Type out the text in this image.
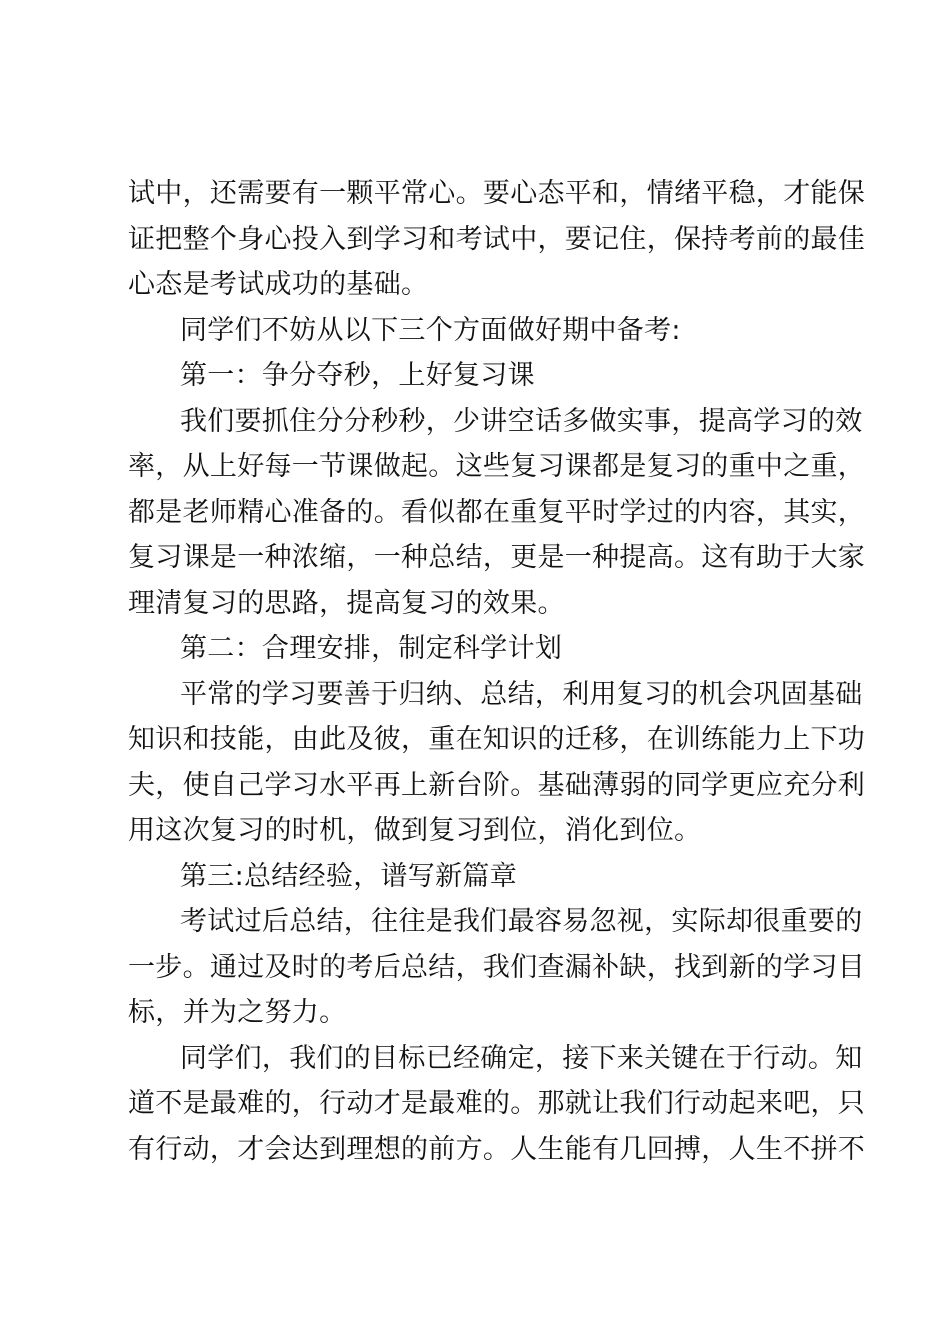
试中，还需要有一颗平常心。要心态平和，情绪平稳，才能保
证把整个身心投入到学习和考试中，要记住，保持考前的最佳
心态是考试成功的基础。
同学们不妨从以下三个方面做好期中备考:
第一：争分夺秒，上好复习课
我们要抓住分分秒秒，少讲空话多做实事，提高学习的效
率，从上好每一节课做起。这些复习课都是复习的重中之重，
都是老师精心准备的。看似都在重复平时学过的内容，其实，
复习课是一种浓缩，一种总结，更是一种提高。这有助于大家
理清复习的思路，提高复习的效果。
第二：合理安排，制定科学计划
平常的学习要善于归纳、总结，利用复习的机会巩固基础
知识和技能，由此及彼，重在知识的迁移，在训练能力上下功
夫，使自己学习水平再上新台阶。基础薄弱的同学更应充分利
用这次复习的时机，做到复习到位，消化到位。
第三:总结经验，谱写新篇章
考试过后总结，往往是我们最容易忽视，实际却很重要的
一步。通过及时的考后总结，我们查漏补缺，找到新的学习目
标，并为之努力。
同学们，我们的目标已经确定，接下来关键在于行动。知
道不是最难的，行动才是最难的。那就让我们行动起来吧，只
有行动，才会达到理想的前方。人生能有几回搏，人生不拼不
